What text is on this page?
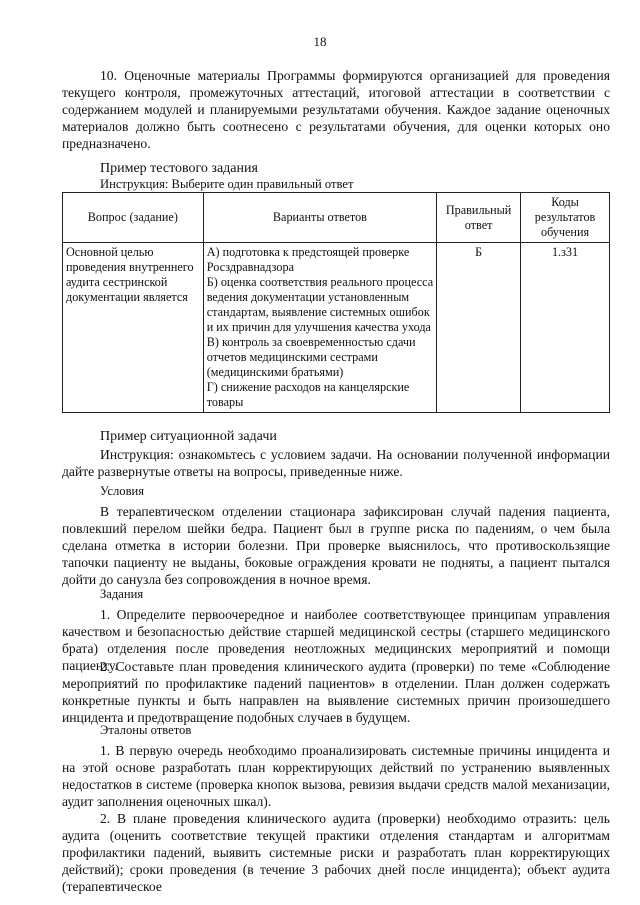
18
10. Оценочные материалы Программы формируются организацией для проведения текущего контроля, промежуточных аттестаций, итоговой аттестации в соответствии с содержанием модулей и планируемыми результатами обучения. Каждое задание оценочных материалов должно быть соотнесено с результатами обучения, для оценки которых оно предназначено.
Пример тестового задания
Инструкция: Выберите один правильный ответ
Вопрос (задание)	Варианты ответов	Правильный ответ	Коды результатов обучения
Основной целью проведения внутреннего аудита сестринской документации является	А) подготовка к предстоящей проверке Росздравнадзора
Б) оценка соответствия реального процесса ведения документации установленным стандартам, выявление системных ошибок и их причин для улучшения качества ухода
В) контроль за своевременностью сдачи отчетов медицинскими сестрами (медицинскими братьями)
Г) снижение расходов на канцелярские товары	Б	1.з31
Пример ситуационной задачи
Инструкция: ознакомьтесь с условием задачи. На основании полученной информации дайте развернутые ответы на вопросы, приведенные ниже.
Условия
В терапевтическом отделении стационара зафиксирован случай падения пациента, повлекший перелом шейки бедра. Пациент был в группе риска по падениям, о чем была сделана отметка в истории болезни. При проверке выяснилось, что противоскользящие тапочки пациенту не выданы, боковые ограждения кровати не подняты, а пациент пытался дойти до санузла без сопровождения в ночное время.
Задания
1. Определите первоочередное и наиболее соответствующее принципам управления качеством и безопасностью действие старшей медицинской сестры (старшего медицинского брата) отделения после проведения неотложных медицинских мероприятий и помощи пациенту.
2. Составьте план проведения клинического аудита (проверки) по теме «Соблюдение мероприятий по профилактике падений пациентов» в отделении. План должен содержать конкретные пункты и быть направлен на выявление системных причин произошедшего инцидента и предотвращение подобных случаев в будущем.
Эталоны ответов
1. В первую очередь необходимо проанализировать системные причины инцидента и на этой основе разработать план корректирующих действий по устранению выявленных недостатков в системе (проверка кнопок вызова, ревизия выдачи средств малой механизации, аудит заполнения оценочных шкал).
2. В плане проведения клинического аудита (проверки) необходимо отразить: цель аудита (оценить соответствие текущей практики отделения стандартам и алгоритмам профилактики падений, выявить системные риски и разработать план корректирующих действий); сроки проведения (в течение 3 рабочих дней после инцидента); объект аудита (терапевтическое
